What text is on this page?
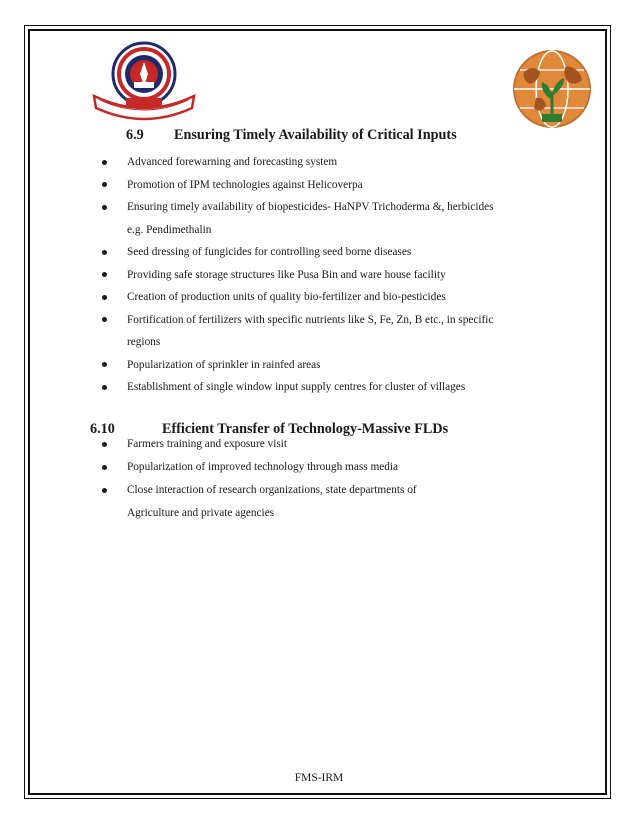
6.9 Ensuring Timely Availability of Critical Inputs
Advanced forewarning and forecasting system
Promotion of IPM technologies against Helicoverpa
Ensuring timely availability of biopesticides- HaNPV Trichoderma &, herbicides
e.g. Pendimethalin
Seed dressing of fungicides for controlling seed borne diseases
Providing safe storage structures like Pusa Bin and ware house facility
Creation of production units of quality bio-fertilizer and bio-pesticides
Fortification of fertilizers with specific nutrients like S, Fe, Zn, B etc., in specific
regions
Popularization of sprinkler in rainfed areas
Establishment of single window input supply centres for cluster of villages
6.10	Efficient Transfer of Technology-Massive FLDs
Farmers training and exposure visit
Popularization of improved technology through mass media
Close interaction of research organizations, state departments of
Agriculture and private agencies
FMS-IRM
